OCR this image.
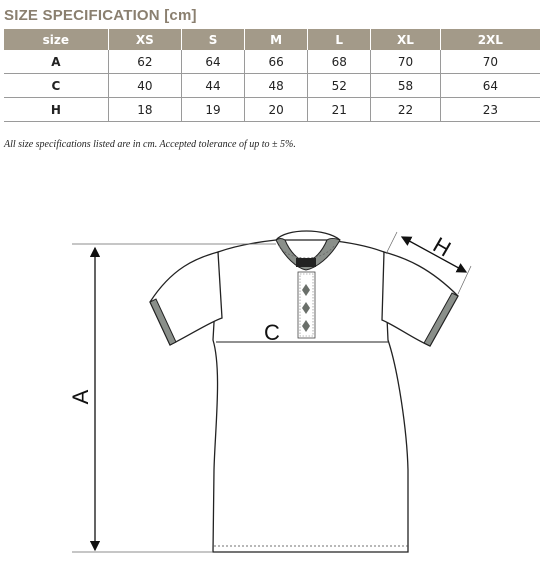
SIZE SPECIFICATION [cm]
size	XS	S	M	L	XL	2XL
A	62	64	66	68	70	70
C	40	44	48	52	58	64
H	18	19	20	21	22	23
All size specifications listed are in cm. Accepted tolerance of up to ± 5%.
A
C
H
